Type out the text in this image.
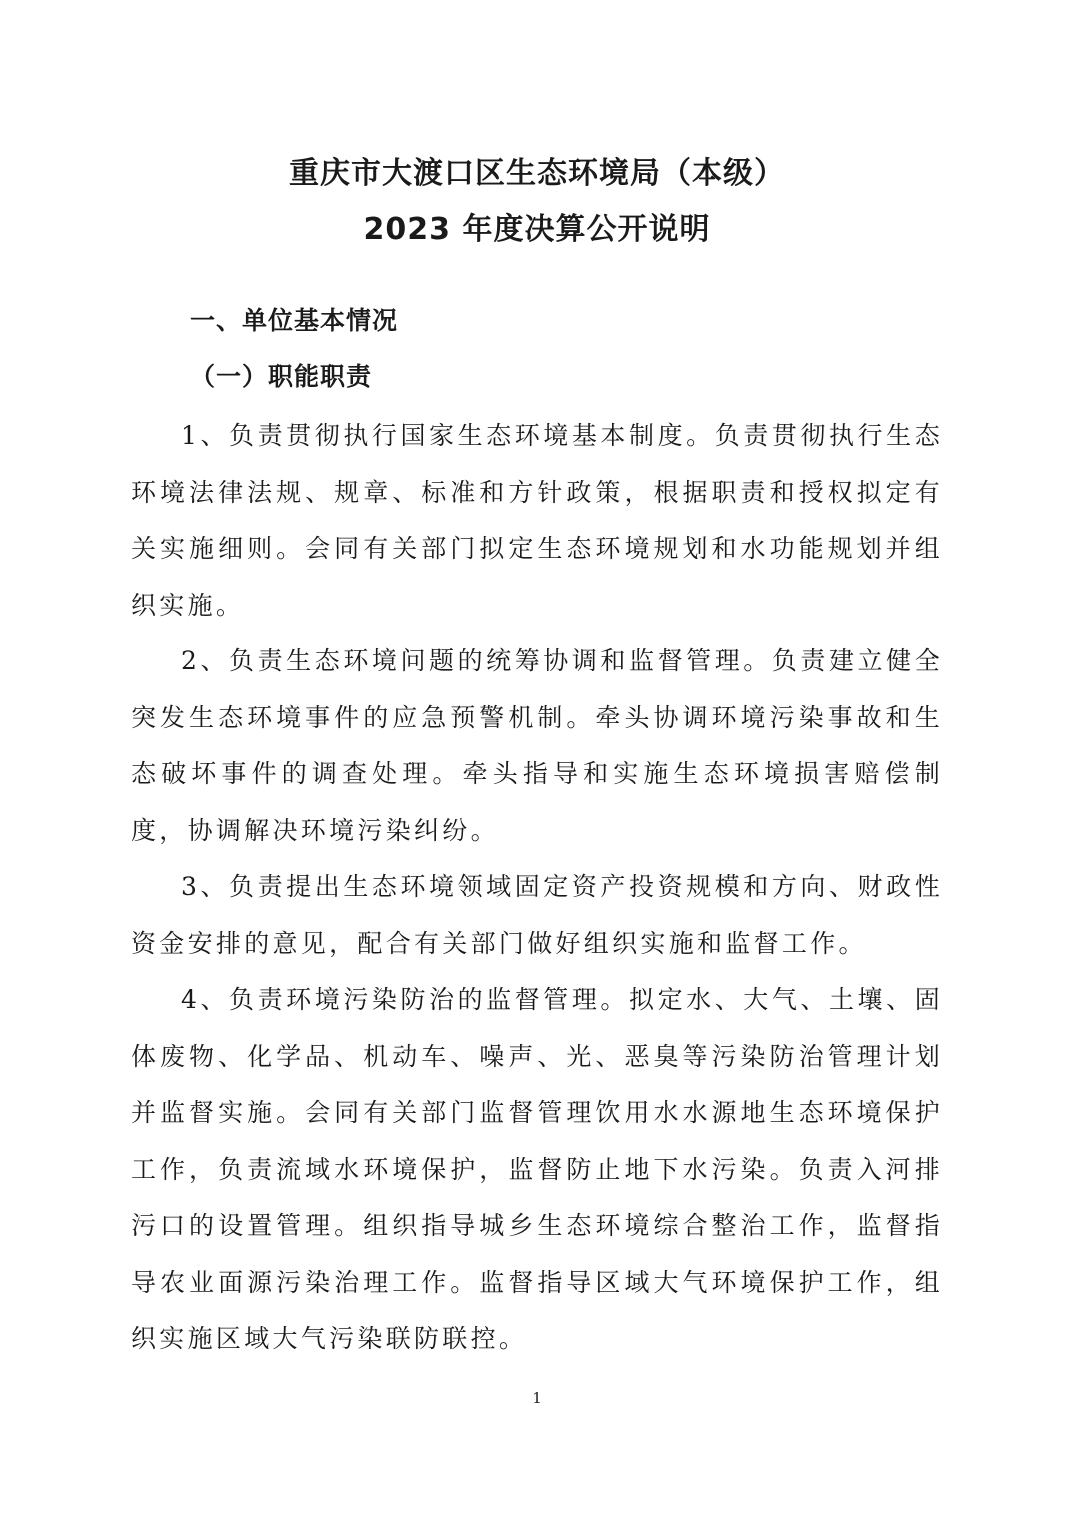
重庆市大渡口区生态环境局（本级）
2023 年度决算公开说明
一、单位基本情况
（一）职能职责

1、负责贯彻执行国家生态环境基本制度。负责贯彻执行生态环境法律法规、规章、标准和方针政策，根据职责和授权拟定有关实施细则。会同有关部门拟定生态环境规划和水功能规划并组织实施。

2、负责生态环境问题的统筹协调和监督管理。负责建立健全突发生态环境事件的应急预警机制。牵头协调环境污染事故和生态破坏事件的调查处理。牵头指导和实施生态环境损害赔偿制度，协调解决环境污染纠纷。

3、负责提出生态环境领域固定资产投资规模和方向、财政性资金安排的意见，配合有关部门做好组织实施和监督工作。

4、负责环境污染防治的监督管理。拟定水、大气、土壤、固体废物、化学品、机动车、噪声、光、恶臭等污染防治管理计划并监督实施。会同有关部门监督管理饮用水水源地生态环境保护工作，负责流域水环境保护，监督防止地下水污染。负责入河排污口的设置管理。组织指导城乡生态环境综合整治工作，监督指导农业面源污染治理工作。监督指导区域大气环境保护工作，组织实施区域大气污染联防联控。

1
